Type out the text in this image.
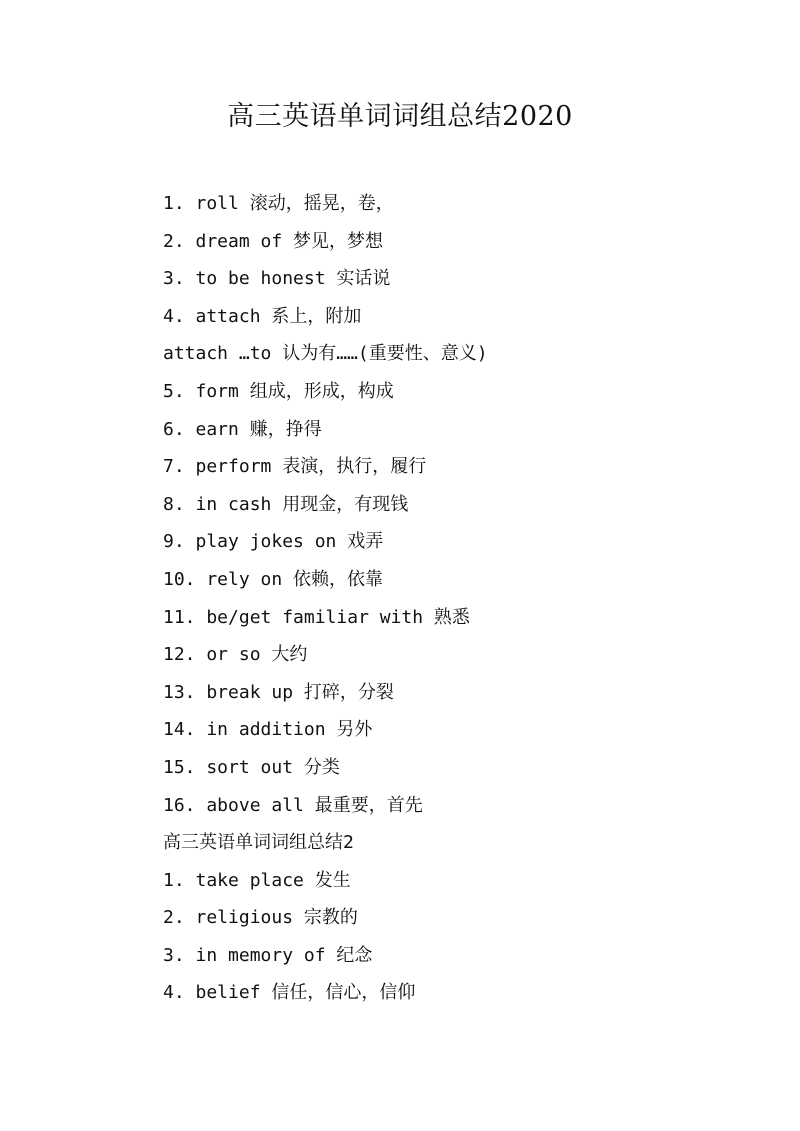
高三英语单词词组总结2020
1. roll 滚动，摇晃，卷，
2. dream of 梦见，梦想
3. to be honest 实话说
4. attach 系上，附加
attach …to 认为有……(重要性、意义)
5. form 组成，形成，构成
6. earn 赚，挣得
7. perform 表演，执行，履行
8. in cash 用现金，有现钱
9. play jokes on 戏弄
10. rely on 依赖，依靠
11. be/get familiar with 熟悉
12. or so 大约
13. break up 打碎，分裂
14. in addition 另外
15. sort out 分类
16. above all 最重要，首先
高三英语单词词组总结2
1. take place 发生
2. religious 宗教的
3. in memory of 纪念
4. belief 信任，信心，信仰
